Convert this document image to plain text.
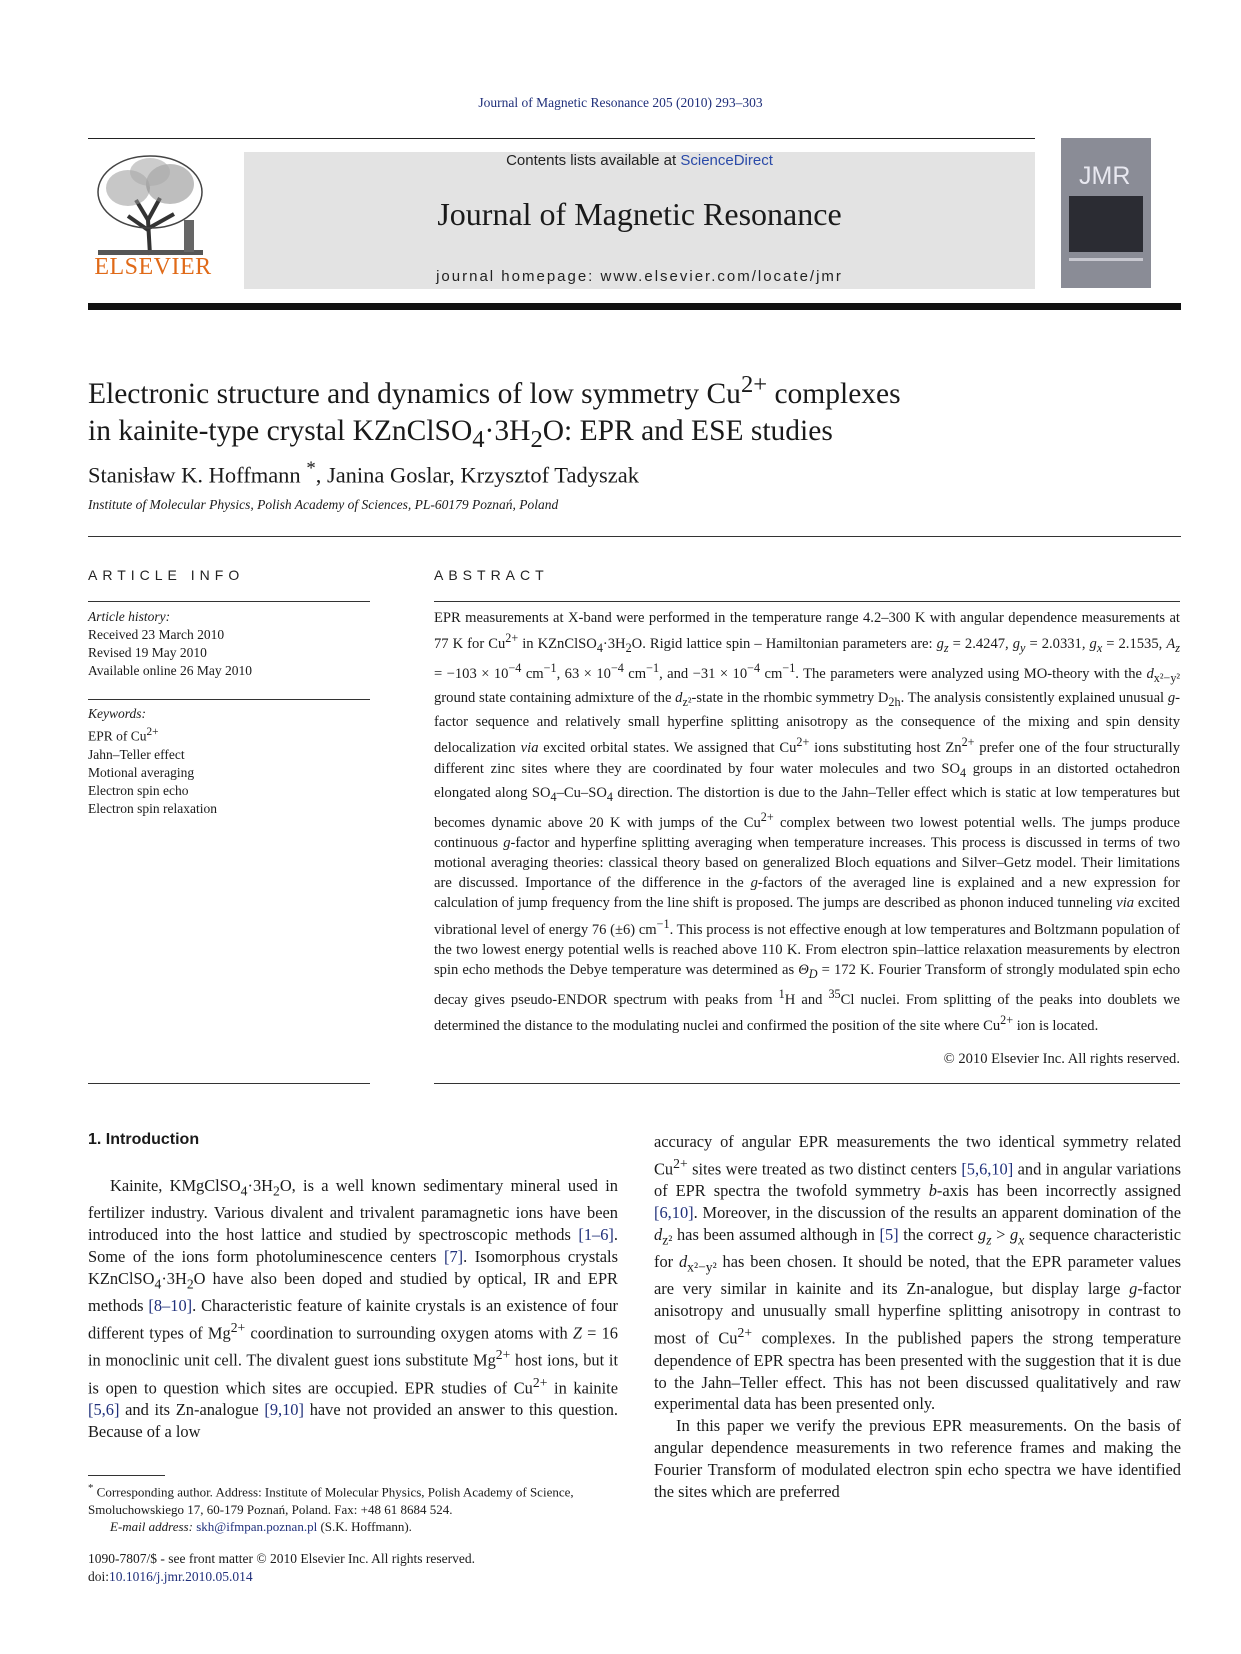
Journal of Magnetic Resonance 205 (2010) 293–303
ELSEVIER
Contents lists available at ScienceDirect
Journal of Magnetic Resonance
journal homepage: www.elsevier.com/locate/jmr
JMR
Electronic structure and dynamics of low symmetry $Cu^{2+}$ complexes
in kainite-type crystal $KZnClSO_4\cdot 3H_2O$: EPR and ESE studies
Stanisław K. Hoffmann *, Janina Goslar, Krzysztof Tadyszak
Institute of Molecular Physics, Polish Academy of Sciences, PL-60179 Poznań, Poland
ARTICLE INFO
Article history:
Received 23 March 2010
Revised 19 May 2010
Available online 26 May 2010
Keywords:
EPR of $Cu^{2+}$
Jahn–Teller effect
Motional averaging
Electron spin echo
Electron spin relaxation
ABSTRACT
EPR measurements at X-band were performed in the temperature range 4.2–300 K with angular dependence measurements at 77 K for $Cu^{2+}$ in $KZnClSO_4\cdot 3H_2O$. Rigid lattice spin – Hamiltonian parameters are: $g_z = 2.4247$, $g_y = 2.0331$, $g_x = 2.1535$, $A_z = -103 \times 10^{-4}$ $cm^{-1}$, $63 \times 10^{-4}$ $cm^{-1}$, and $-31 \times 10^{-4}$ $cm^{-1}$. The parameters were analyzed using MO-theory with the $d_{x^2-y^2}$ ground state containing admixture of the $d_{z^2}$-state in the rhombic symmetry $D_{2h}$. The analysis consistently explained unusual g-factor sequence and relatively small hyperfine splitting anisotropy as the consequence of the mixing and spin density delocalization via excited orbital states. We assigned that $Cu^{2+}$ ions substituting host $Zn^{2+}$ prefer one of the four structurally different zinc sites where they are coordinated by four water molecules and two $SO_4$ groups in an distorted octahedron elongated along $SO_4-Cu-SO_4$ direction. The distortion is due to the Jahn–Teller effect which is static at low temperatures but becomes dynamic above 20 K with jumps of the $Cu^{2+}$ complex between two lowest potential wells. The jumps produce continuous g-factor and hyperfine splitting averaging when temperature increases. This process is discussed in terms of two motional averaging theories: classical theory based on generalized Bloch equations and Silver–Getz model. Their limitations are discussed. Importance of the difference in the g-factors of the averaged line is explained and a new expression for calculation of jump frequency from the line shift is proposed. The jumps are described as phonon induced tunneling via excited vibrational level of energy 76 (±6) $cm^{-1}$. This process is not effective enough at low temperatures and Boltzmann population of the two lowest energy potential wells is reached above 110 K. From electron spin–lattice relaxation measurements by electron spin echo methods the Debye temperature was determined as $\Theta_D = 172$ K. Fourier Transform of strongly modulated spin echo decay gives pseudo-ENDOR spectrum with peaks from $^1$H and $^{35}$Cl nuclei. From splitting of the peaks into doublets we determined the distance to the modulating nuclei and confirmed the position of the site where $Cu^{2+}$ ion is located.
© 2010 Elsevier Inc. All rights reserved.
1. Introduction

Kainite, $KMgClSO_4\cdot 3H_2O$, is a well known sedimentary mineral used in fertilizer industry. Various divalent and trivalent paramagnetic ions have been introduced into the host lattice and studied by spectroscopic methods [1–6]. Some of the ions form photoluminescence centers [7]. Isomorphous crystals $KZnClSO_4\cdot 3H_2O$ have also been doped and studied by optical, IR and EPR methods [8–10]. Characteristic feature of kainite crystals is an existence of four different types of $Mg^{2+}$ coordination to surrounding oxygen atoms with Z = 16 in monoclinic unit cell. The divalent guest ions substitute $Mg^{2+}$ host ions, but it is open to question which sites are occupied. EPR studies of $Cu^{2+}$ in kainite [5,6] and its Zn-analogue [9,10] have not provided an answer to this question. Because of a low

accuracy of angular EPR measurements the two identical symmetry related $Cu^{2+}$ sites were treated as two distinct centers [5,6,10] and in angular variations of EPR spectra the twofold symmetry b-axis has been incorrectly assigned [6,10]. Moreover, in the discussion of the results an apparent domination of the $d_{z^2}$ has been assumed although in [5] the correct $g_z > g_x$ sequence characteristic for $d_{x^2-y^2}$ has been chosen. It should be noted, that the EPR parameter values are very similar in kainite and its Zn-analogue, but display large g-factor anisotropy and unusually small hyperfine splitting anisotropy in contrast to most of $Cu^{2+}$ complexes. In the published papers the strong temperature dependence of EPR spectra has been presented with the suggestion that it is due to the Jahn–Teller effect. This has not been discussed qualitatively and raw experimental data has been presented only.

In this paper we verify the previous EPR measurements. On the basis of angular dependence measurements in two reference frames and making the Fourier Transform of modulated electron spin echo spectra we have identified the sites which are preferred

* Corresponding author. Address: Institute of Molecular Physics, Polish Academy of Science, Smoluchowskiego 17, 60-179 Poznań, Poland. Fax: +48 61 8684 524.

E-mail address: skh@ifmpan.poznan.pl (S.K. Hoffmann).

1090-7807/$ - see front matter © 2010 Elsevier Inc. All rights reserved.
doi:10.1016/j.jmr.2010.05.014
